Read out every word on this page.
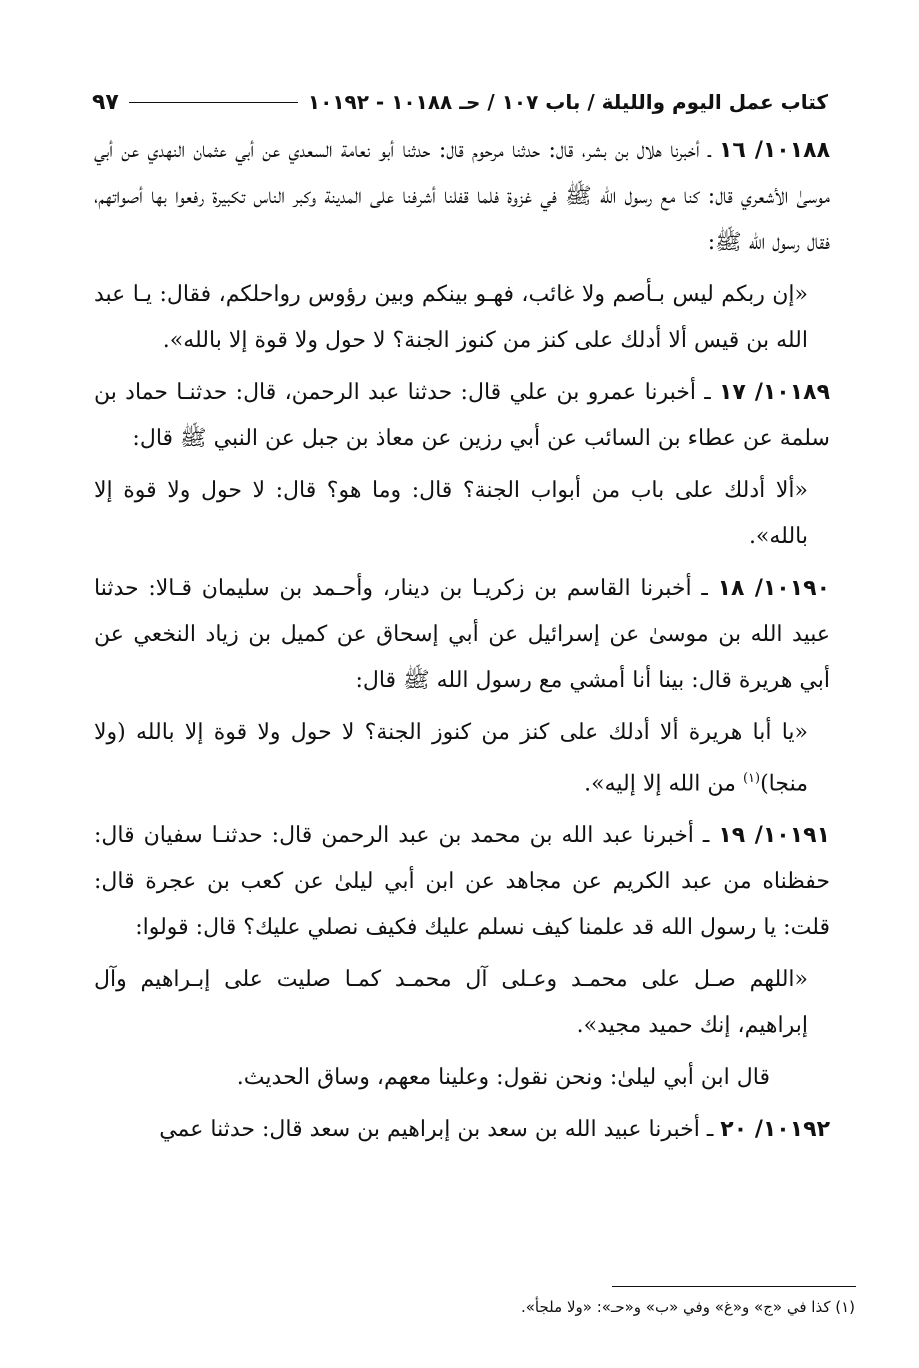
كتاب عمل اليوم والليلة / باب ١٠٧ / حـ ١٠١٨٨ - ١٠١٩٢
٩٧

١٠١٨٨/ ١٦ ـ أخبرنا هلال بن بشر، قال: حدثنا مرحوم قال: حدثنا أبو نعامة السعدي عن أبي عثمان النهدي عن أبي موسىٰ الأشعري قال: كنا مع رسول الله ﷺ في غزوة فلما قفلنا أشرفنا على المدينة وكبر الناس تكبيرة رفعوا بها أصواتهم، فقال رسول الله ﷺ:

«إن ربكم ليس بـأصم ولا غائب، فهـو بينكم وبين رؤوس رواحلكم، فقال: يـا عبد الله بن قيس ألا أدلك على كنز من كنوز الجنة؟ لا حول ولا قوة إلا بالله».

١٠١٨٩/ ١٧ ـ أخبرنا عمرو بن علي قال: حدثنا عبد الرحمن، قال: حدثنـا حماد بن سلمة عن عطاء بن السائب عن أبي رزين عن معاذ بن جبل عن النبي ﷺ قال:

«ألا أدلك على باب من أبواب الجنة؟ قال: وما هو؟ قال: لا حول ولا قوة إلا بالله».

١٠١٩٠/ ١٨ ـ أخبرنا القاسم بن زكريـا بن دينار، وأحـمد بن سليمان قـالا: حدثنا عبيد الله بن موسىٰ عن إسرائيل عن أبي إسحاق عن كميل بن زياد النخعي عن أبي هريرة قال: بينا أنا أمشي مع رسول الله ﷺ قال:

«يا أبا هريرة ألا أدلك على كنز من كنوز الجنة؟ لا حول ولا قوة إلا بالله (ولا منجا)$^{(١)}$ من الله إلا إليه».

١٠١٩١/ ١٩ ـ أخبرنا عبد الله بن محمد بن عبد الرحمن قال: حدثنـا سفيان قال: حفظناه من عبد الكريم عن مجاهد عن ابن أبي ليلىٰ عن كعب بن عجرة قال: قلت: يا رسول الله قد علمنا كيف نسلم عليك فكيف نصلي عليك؟ قال: قولوا:

«اللهم صـل على محمـد وعـلى آل محمـد كمـا صليت على إبـراهيم وآل إبراهيم، إنك حميد مجيد».

قال ابن أبي ليلىٰ: ونحن نقول: وعلينا معهم، وساق الحديث.

١٠١٩٢/ ٢٠ ـ أخبرنا عبيد الله بن سعد بن إبراهيم بن سعد قال: حدثنا عمي

(١) كذا في «ج» و«غ» وفي «ب» و«حـ»: «ولا ملجأ».
